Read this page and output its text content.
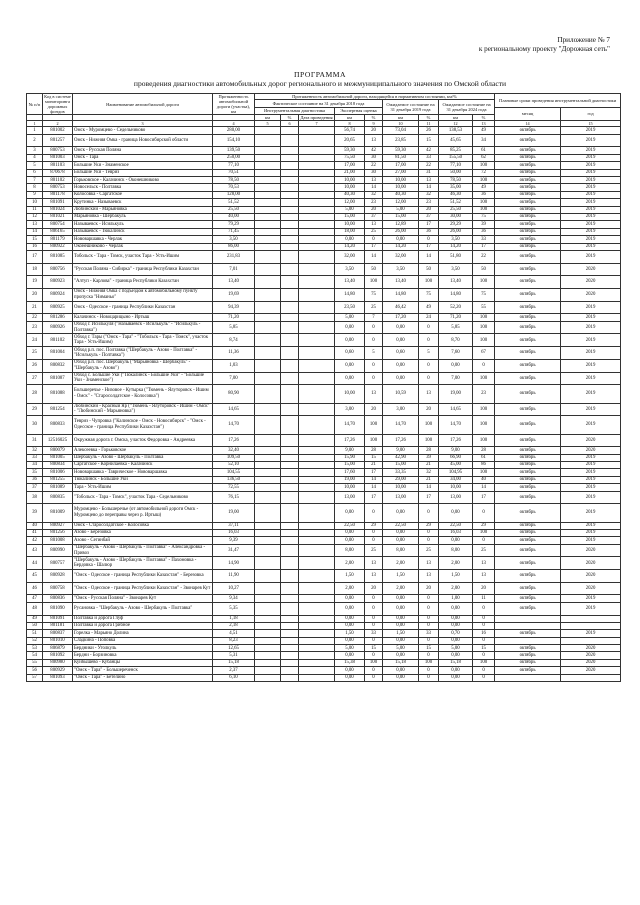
Приложение № 7
к региональному проекту "Дорожная сеть"
ПРОГРАММА
проведения диагностики автомобильных дорог регионального и межмуниципального значения по Омской области
№ п/п	Код в системе мониторинга дорожных фондов	Наименование автомобильной дороги	Протяженность автомобильной дороги (участка), км	Протяженность автомобильной дороги, находящейся в нормативном состоянии, км/%									Плановые сроки проведения инструментальной диагностики	
				Фактическое состояние на 31 декабря 2018 года					Ожидаемое состояние на 31 декабря 2019 года		Ожидаемое состояние на 31 декабря 2024 года			
				Инструментальная диагностика			Экспертная оценка						месяц	год
				км	%	Дата проведения	км	%	км	%	км	%		
1	2	3	4	5	6	7	8	9	10	11	12	13	14	15
1	801002	Омск - Муромцево - Седельниково	280,00				56,74	20	73,04	26	138,53	49	октябрь	2019
2	801257	Омск - Нижняя Омка - граница Новосибирской области	154,10				20,65	13	23,85	15	45,65	34	октябрь	2019
3	800753	Омск - Русская Поляна	139,50				59,30	42	59,30	42	85,25	61	октябрь	2019
4	801003	Омск - Тара	250,00				75,50	30	81,50	33	155,50	62	октябрь	2019
5	801103	Большие Уки - Знаменское	77,10				17,00	22	17,00	22	77,10	100	октябрь	2019
6	870678	Большие Уки - Тевриз	70,51				21,00	30	27,00	31	50,00	72	октябрь	2019
7	801102	Горьковское - Калачинск - Оконешниково	78,50				10,00	13	10,00	13	78,50	100	октябрь	2019
8	800753	Новосельск - Полтавка	70,53				10,00	14	10,00	14	35,00	49	октябрь	2019
9	801178	Колосовка - Саргатское	128,00				40,30	32	40,30	32	46,30	36	октябрь	2019
10	801091	Крутинка - Называевск	51,52				12,00	23	12,00	23	51,52	100	октябрь	2019
11	801024	Любинский - Марьяновка	25,50				5,00	20	5,00	20	25,50	100	октябрь	2019
12	801021	Марьяновка - Шербакуль	40,00				15,00	37	15,00	37	30,00	75	октябрь	2019
13	800754	Называевск - Исилькуль	79,29				10,00	13	12,89	17	29,29	39	октябрь	2019
14	806165	Называевск - Тюкалинск	71,45				18,00	25	26,00	36	26,00	36	октябрь	2019
15	801179	Нововаршавка - Черлак	3,50				0,00	0	0,00	0	3,50	33	октябрь	2019
16	800922	Оконешниково - Черлак	86,00				14,20	17	14,20	17	14,20	17	октябрь	2019
17	801085	Тобольск - Тара - Томск, участок Тара - Усть-Ишим	231,83				32,00	14	32,00	14	51,80	22	октябрь	2019
18	800756	"Русская Поляна - Сибирка" - граница Республики Казахстан	7,01				3,50	50	3,50	50	3,50	50	октябрь	2020
19	800923	"Алтуп - Карлова" - граница Республики Казахстан	13,40				13,40	100	13,40	100	13,40	100	октябрь	2020
20	800924	Омск - Нижняя Омка с подъездом к автомобильному пункту пропуска "Ниманьо"	19,69				14,80	75	14,80	75	14,80	75	октябрь	2020
21	800925	Омск - Одесское - граница Республики Казахстан	94,39				23,50	25	46,42	49	52,20	55	октябрь	2019
22	801286	Калачинск - Новоцарицыно - Иртыш	71,20				5,00	7	17,20	24	71,20	100	октябрь	2019
23	800926	Обход г. Исилькуля ("Называевск - Исилькуль" - "Исилькуль - Полтавка")	5,85				0,00	0	0,00	0	5,85	100	октябрь	2019
24	801102	Обход г. Тары ("Омск - Тара" - "Тобольск - Тара - Томск", участок Тара - Усть-Ишим)	8,74				0,00	0	0,00	0	8,70	100	октябрь	2019
25	801004	Обход р.п. пос. Полтавка ("Шербакуль - Азово - Полтавка" - "Исилькуль - Полтавка")	11,36				0,60	5	0,60	5	7,60	67	октябрь	2019
26	800832	Обход р.п. пос. Шербакуль ("Марьяновка - Шербакуль" - "Шербакуль - Азово")	1,03				0,00	0	0,00	0	0,00	0	октябрь	2019
27	801087	Обход с. Большие Уки ("Тюкалинск - Большие Уки" - "Большие Уки - Знаменское")	7,00				0,00	0	0,00	0	7,00	100	октябрь	2019
28	801088	Большеречье - Низовое - Кутырка ("Тюмень - Ялуторовск - Ишим - Омск" - "Старосолдатское - Колосовка")	80,90				10,00	13	10,59	13	19,00	23	октябрь	2019
29	801254	Любинский - Красный Яр ("Тюмень - Ялуторовск - Ишим - Омск" - "Любинский - Марьяновка")	14,65				3,00	20	3,00	20	14,65	100	октябрь	2019
30	800833	Тевриз - Чупровка ("Калинское - Омск - Новосибирск" - "Омск - Одесское - граница Республики Казахстан")	14,70				14,70	100	14,70	100	14,70	100	октябрь	2019
31	12516025	Окружная дорога г. Омска, участок Федоровка - Андреевка	17,26				17,26	100	17,26	100	17,26	100	октябрь	2020
32	800079	Алексеевка - Горьковское	32,40				9,00	28	9,00	28	9,00	28	октябрь	2020
33	801005	Шербакуль - Азово - Шербакуль - Полтавка	109,50				15,90	15	42,90	39	66,90	61	октябрь	2019
34	800834	Саргатское - Корнилаевка - Калачинск	52,10				15,00	21	15,00	21	45,00	86	октябрь	2019
35	801006	Нововаршавка - Таврическое - Нововаршавка	104,55				17,60	17	33,35	32	104,95	100	октябрь	2019
36	801255	Тюкалинск - Большие Уки	136,50				19,00	14	29,00	21	34,00	40	октябрь	2019
37	801089	Тара - Усть-Ишим	72,55				10,00	14	10,00	14	10,00	14	октябрь	2019
38	800835	"Тобольск - Тара - Томск", участок Тара - Седельниково	76,15				13,00	17	13,00	17	13,00	17	октябрь	2019
39	801009	Муромцево - Большеречье (от автомобильной дороги Омск - Муромцево до переправы через р. Иртыш)	19,00				0,00	0	0,00	0	0,00	0	октябрь	2019
40	800927	Омск - Старосолдатское - Колосовка	37,11				22,50	29	22,50	29	22,50	29	октябрь	2019
41	801256	Азово - Березовка	16,03				0,00	0	0,00	0	16,03	100	октябрь	2019
42	801008	Азово - Сегинбай	9,39				0,00	0	0,00	0	0,00	0	октябрь	2019
43	800990	"Шербакуль - Азово - Шербакуль - Полтавка" - Александровка - Привоз	31,47				8,00	25	8,00	25	8,00	25	октябрь	2020
44	800757	"Шербакуль - Азово - Шербакуль - Полтавка" - Пахомовка - Бердовка - Шалюр	14,90				2,00	13	2,00	13	2,00	13	октябрь	2020
45	800928	"Омск - Одесское - граница Республики Казахстан" - Березовка	11,90				1,50	13	1,50	13	1,50	13	октябрь	2020
46	800758	"Омск - Одесское - граница Республики Казахстан" - Звонарев Кут	10,27				2,00	20	2,00	20	2,00	20	октябрь	2020
47	800836	"Омск - Русская Поляна" - Звонарев Кут	9,34				0,00	0	0,00	0	1,00	11	октябрь	2019
48	801090	Русановка - "Шербакуль - Азово - Шербакуль - Полтавка"	5,35				0,00	0	0,00	0	0,00	0	октябрь	2019
49	801091	Полтавка и дорога Глуф	1,18				0,00	0	0,00	0	0,00	0		
50	801181	Полтавка и дорога Грибное	2,18				0,00	0	0,00	0	0,00	0		
51	800837	Горелка - Марьяно Долина	4,51				1,50	33	1,50	33	0,70	16	октябрь	2019
52	801010	Сладкина - Поповка	8,23				0,00	0	0,00	0	0,00	0		
53	806879	Бердники - Уголкуль	12,65				5,00	15	5,00	15	5,00	15	октябрь	2020
54	801092	Бердни - Борзиновка	5,31				0,00	0	0,00	0	0,00	0	октябрь	2020
55	800980	Куйбышево - Кубанцы	15,18				15,38	100	15,18	100	15,18	100	октябрь	2020
56	800929	"Омск - Тара" - Большереченск	2,37				0,00	0	0,00	0	0,00	0	октябрь	2020
57	801093	"Омск - Тара" - Бетелино	6,10				0,00	0	0,00	0	0,00	0		
